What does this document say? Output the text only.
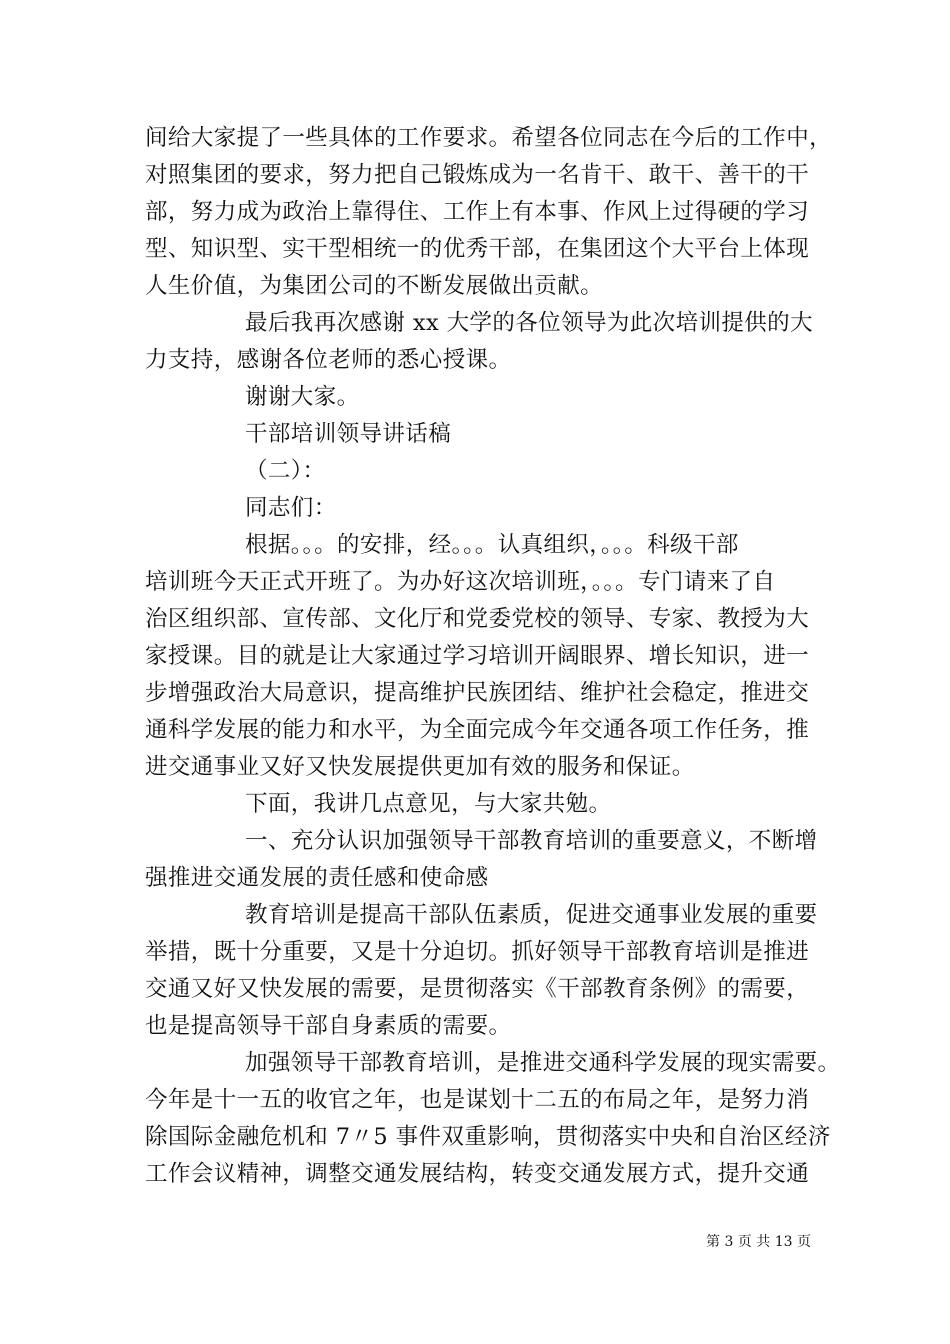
间给大家提了一些具体的工作要求。希望各位同志在今后的工作中，
对照集团的要求，努力把自己锻炼成为一名肯干、敢干、善干的干
部，努力成为政治上靠得住、工作上有本事、作风上过得硬的学习
型、知识型、实干型相统一的优秀干部，在集团这个大平台上体现
人生价值，为集团公司的不断发展做出贡献。
最后我再次感谢 xx 大学的各位领导为此次培训提供的大
力支持，感谢各位老师的悉心授课。
谢谢大家。
干部培训领导讲话稿
（二）：
同志们：
根据。。。的安排，经。。。认真组织，。。。科级干部
培训班今天正式开班了。为办好这次培训班，。。。专门请来了自
治区组织部、宣传部、文化厅和党委党校的领导、专家、教授为大
家授课。目的就是让大家通过学习培训开阔眼界、增长知识，进一
步增强政治大局意识，提高维护民族团结、维护社会稳定，推进交
通科学发展的能力和水平，为全面完成今年交通各项工作任务，推
进交通事业又好又快发展提供更加有效的服务和保证。
下面，我讲几点意见，与大家共勉。
一、充分认识加强领导干部教育培训的重要意义，不断增
强推进交通发展的责任感和使命感
教育培训是提高干部队伍素质，促进交通事业发展的重要
举措，既十分重要，又是十分迫切。抓好领导干部教育培训是推进
交通又好又快发展的需要，是贯彻落实《干部教育条例》的需要，
也是提高领导干部自身素质的需要。
加强领导干部教育培训，是推进交通科学发展的现实需要。
今年是十一五的收官之年，也是谋划十二五的布局之年，是努力消
除国际金融危机和 7〃5 事件双重影响，贯彻落实中央和自治区经济
工作会议精神，调整交通发展结构，转变交通发展方式，提升交通
第 3 页 共 13 页
